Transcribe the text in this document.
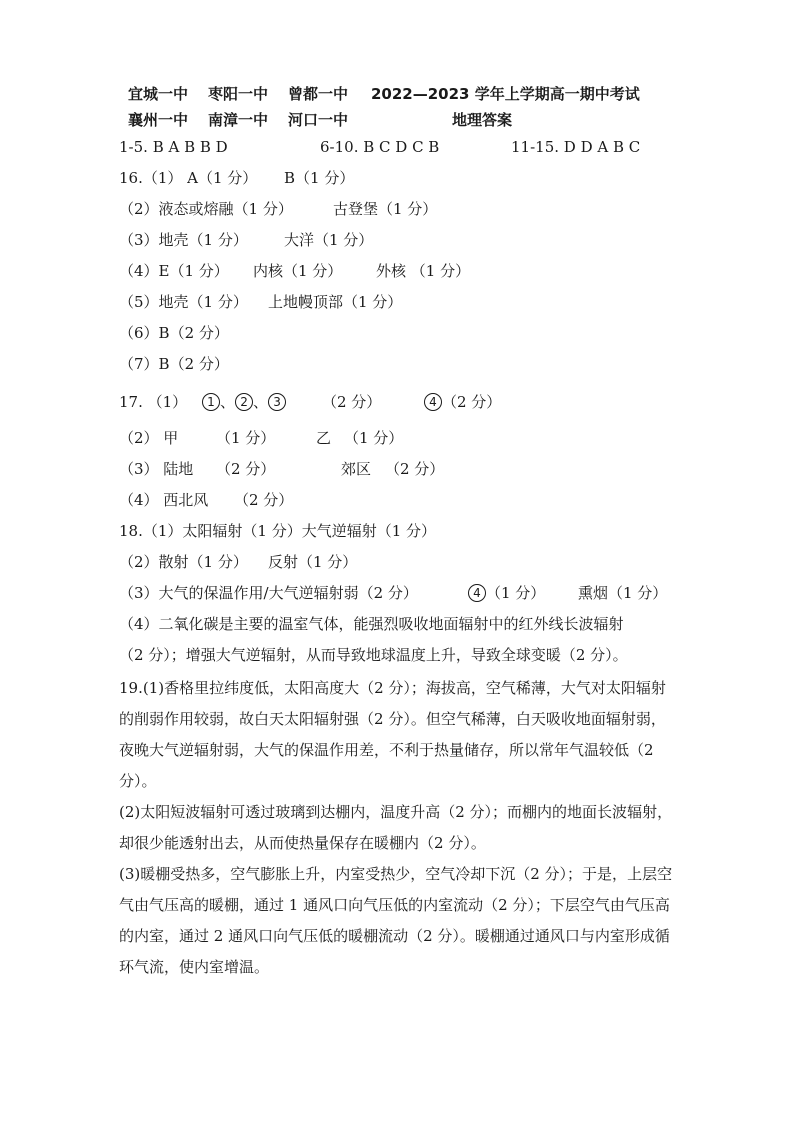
宜城一中 枣阳一中 曾都一中 2022—2023 学年上学期高一期中考试
襄州一中 南漳一中 河口一中	地理答案
1-5. B A B B D	6-10. B C D C B	11-15. D D A B C
16.（1） A（1 分） B（1 分）
（2）液态或熔融（1 分）	古登堡（1 分）
（3）地壳（1 分） 大洋（1 分）
（4）E（1 分） 内核（1 分） 外核 （1 分）
（5）地壳（1 分） 上地幔顶部（1 分）
（6）B（2 分）
（7）B（2 分）
17. （1）	1 、 2 、 3	（2 分）	4 （2 分）
（2） 甲	（1 分）	乙 （1 分）
（3） 陆地 （2 分）	郊区 （2 分）
（4） 西北风 （2 分）
18.（1）太阳辐射（1 分）大气逆辐射（1 分）
（2）散射（1 分） 反射（1 分）
（3）大气的保温作用/大气逆辐射弱（2 分）	4 （1 分） 熏烟（1 分）
（4）二氧化碳是主要的温室气体，能强烈吸收地面辐射中的红外线长波辐射
（2 分）；增强大气逆辐射，从而导致地球温度上升，导致全球变暖（2 分）。
19.(1)香格里拉纬度低，太阳高度大（2 分）；海拔高，空气稀薄，大气对太阳辐射的削弱作用较弱，故白天太阳辐射强（2 分）。但空气稀薄，白天吸收地面辐射弱，夜晚大气逆辐射弱，大气的保温作用差，不利于热量储存，所以常年气温较低（2 分）。
(2)太阳短波辐射可透过玻璃到达棚内，温度升高（2 分）；而棚内的地面长波辐射，却很少能透射出去，从而使热量保存在暖棚内（2 分）。
(3)暖棚受热多，空气膨胀上升，内室受热少，空气冷却下沉（2 分）；于是，上层空气由气压高的暖棚，通过 1 通风口向气压低的内室流动（2 分）；下层空气由气压高的内室，通过 2 通风口向气压低的暖棚流动（2 分）。暖棚通过通风口与内室形成循环气流，使内室增温。
